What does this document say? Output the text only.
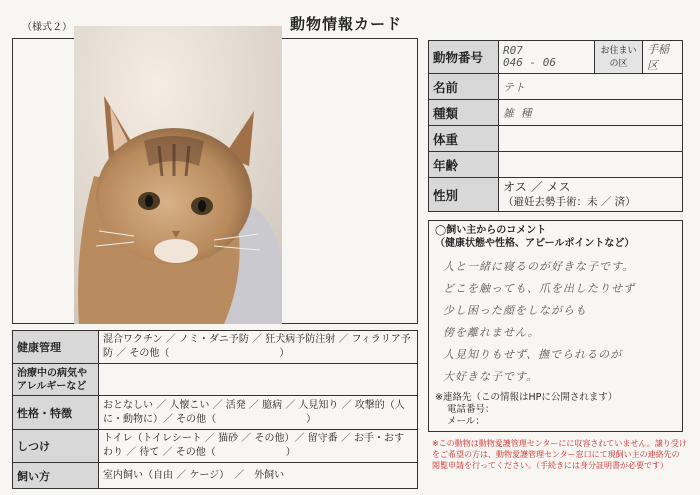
（様式２）	動物情報カード
動物番号	R07
046 - 06	お住まいの区	手稲区
名前	テト		
種類	雑 種		
体重			
年齢			
性別	オス ／ メス
（避妊去勢手術：未 ／ 済）		
◯飼い主からのコメント
（健康状態や性格、アピールポイントなど）
人と一緒に寝るのが好きな子です。
どこを触っても、爪を出したりせず
少し困った顔をしながらも
傍を離れません。
人見知りもせず、撫でられるのが
大好きな子です。
※連絡先（この情報はHPに公開されます）
電話番号：
メール：
※この動物は動物愛護管理センターにに収容されていません。譲り受けをご希望の方は、動物愛護管理センター窓口にて現飼い主の連絡先の閲覧申請を行ってください。（手続きには身分証明書が必要です）
健康管理	混合ワクチン ／ ノミ・ダニ予防 ／ 狂犬病予防注射 ／ フィラリア予防 ／ その他（　　　　　　　　　　　）
治療中の病気やアレルギーなど	
性格・特徴	おとなしい ／ 人懐こい ／ 活発 ／ 臆病 ／ 人見知り ／ 攻撃的（人に・動物に）／ その他（　　　　　　　　　）
しつけ	トイレ（トイレシート ／ 猫砂 ／ その他）／ 留守番 ／ お手・おすわり ／ 待て ／ その他（　　　　　　　）
飼い方	室内飼い（自由 ／ ケージ）　／　外飼い
